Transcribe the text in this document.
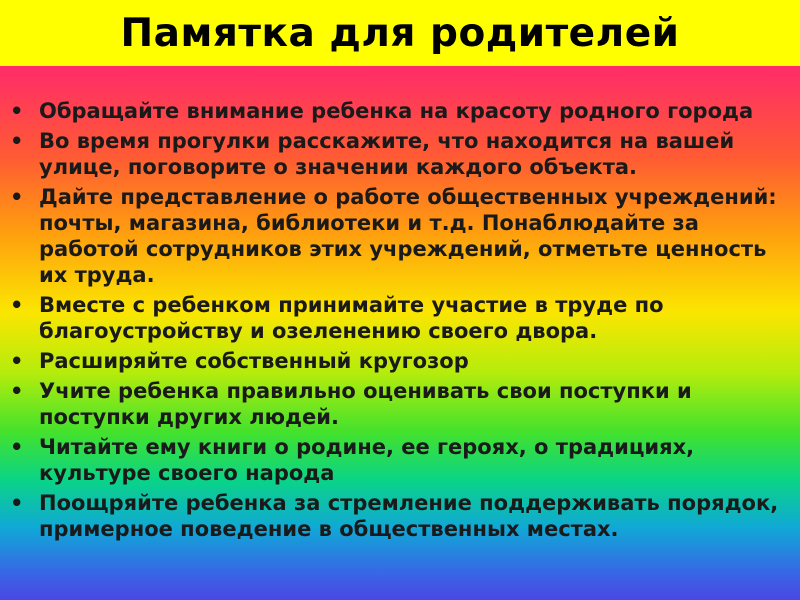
Памятка для родителей
• Обращайте внимание ребенка на красоту родного города
• Во время прогулки расскажите, что находится на вашей улице, поговорите о значении каждого объекта.
• Дайте представление о работе общественных учреждений: почты, магазина, библиотеки и т.д. Понаблюдайте за работой сотрудников этих учреждений, отметьте ценность их труда.
• Вместе с ребенком принимайте участие в труде по благоустройству и озеленению своего двора.
• Расширяйте собственный кругозор
• Учите ребенка правильно оценивать свои поступки и поступки других людей.
• Читайте ему книги о родине, ее героях, о традициях, культуре своего народа
• Поощряйте ребенка за стремление поддерживать порядок, примерное поведение в общественных местах.
